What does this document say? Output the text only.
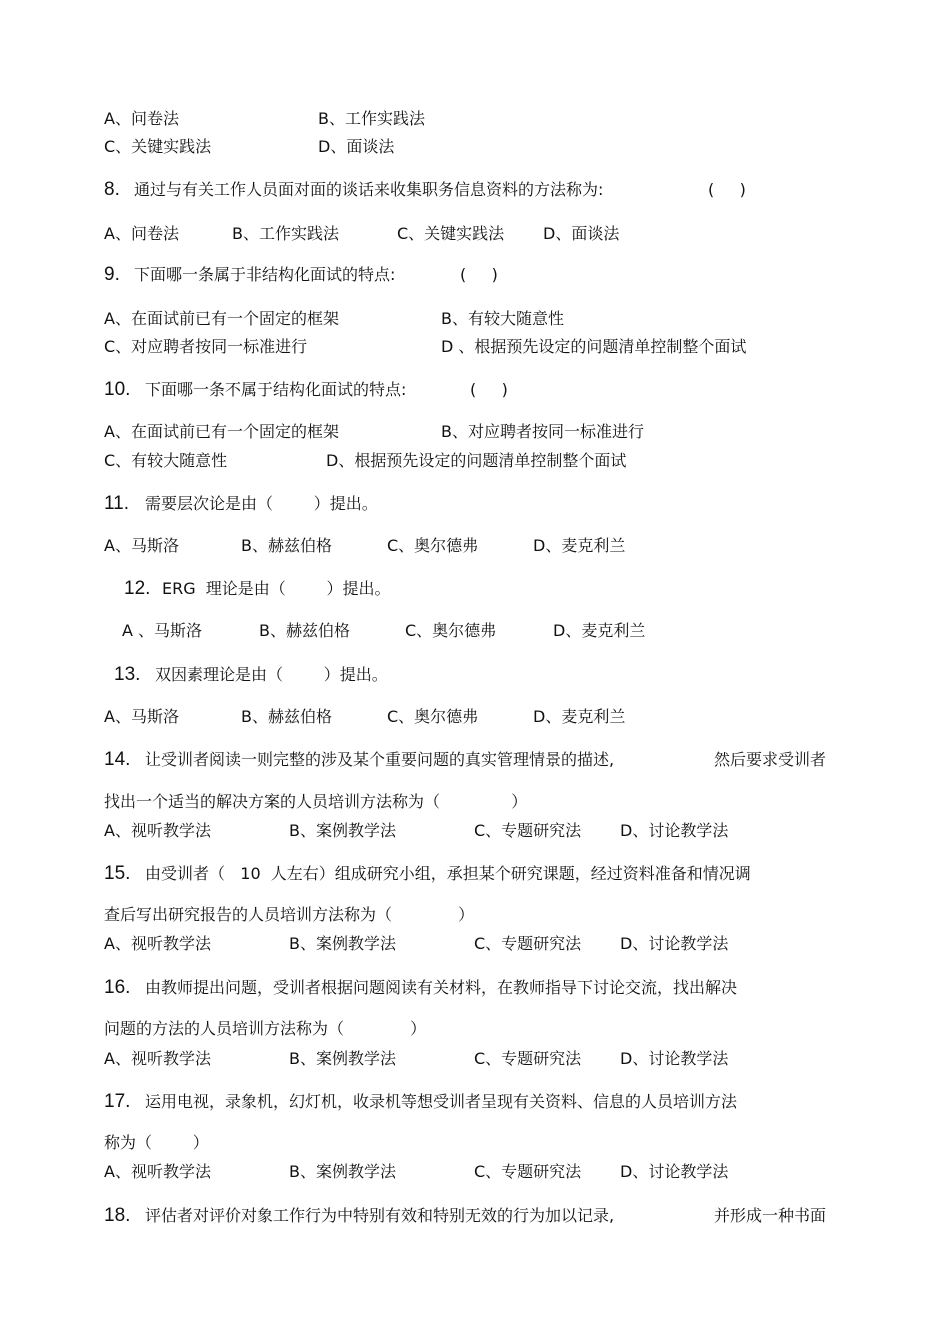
A、问卷法	B、工作实践法
C、关键实践法	D、面谈法
8. 通过与有关工作人员面对面的谈话来收集职务信息资料的方法称为:	(     )
A、问卷法	B、工作实践法	C、关键实践法 D、面谈法
9. 下面哪一条属于非结构化面试的特点:	(     )
A、在面试前已有一个固定的框架	B、有较大随意性
C、对应聘者按同一标准进行	D 、根据预先设定的问题清单控制整个面试
10. 下面哪一条不属于结构化面试的特点:	(     )
A、在面试前已有一个固定的框架	B、对应聘者按同一标准进行
C、有较大随意性	D、根据预先设定的问题清单控制整个面试
11. 需要层次论是由（        ）提出。
A、马斯洛	B、赫兹伯格	C、奥尔德弗	D、麦克利兰
12. ERG  理论是由（        ）提出。
A 、马斯洛	B、赫兹伯格	C、奥尔德弗	D、麦克利兰
13. 双因素理论是由（        ）提出。
A、马斯洛	B、赫兹伯格	C、奥尔德弗	D、麦克利兰
14. 让受训者阅读一则完整的涉及某个重要问题的真实管理情景的描述,	然后要求受训者
找出一个适当的解决方案的人员培训方法称为（              ）
A、视听教学法	B、案例教学法	C、专题研究法 D、讨论教学法
15. 由受训者（   10  人左右）组成研究小组，承担某个研究课题，经过资料准备和情况调
查后写出研究报告的人员培训方法称为（             ）
A、视听教学法	B、案例教学法	C、专题研究法 D、讨论教学法
16. 由教师提出问题，受训者根据问题阅读有关材料，在教师指导下讨论交流，找出解决
问题的方法的人员培训方法称为（             ）
A、视听教学法	B、案例教学法	C、专题研究法 D、讨论教学法
17. 运用电视，录象机，幻灯机，收录机等想受训者呈现有关资料、信息的人员培训方法
称为（        ）
A、视听教学法	B、案例教学法	C、专题研究法 D、讨论教学法
18. 评估者对评价对象工作行为中特别有效和特别无效的行为加以记录,	并形成一种书面
